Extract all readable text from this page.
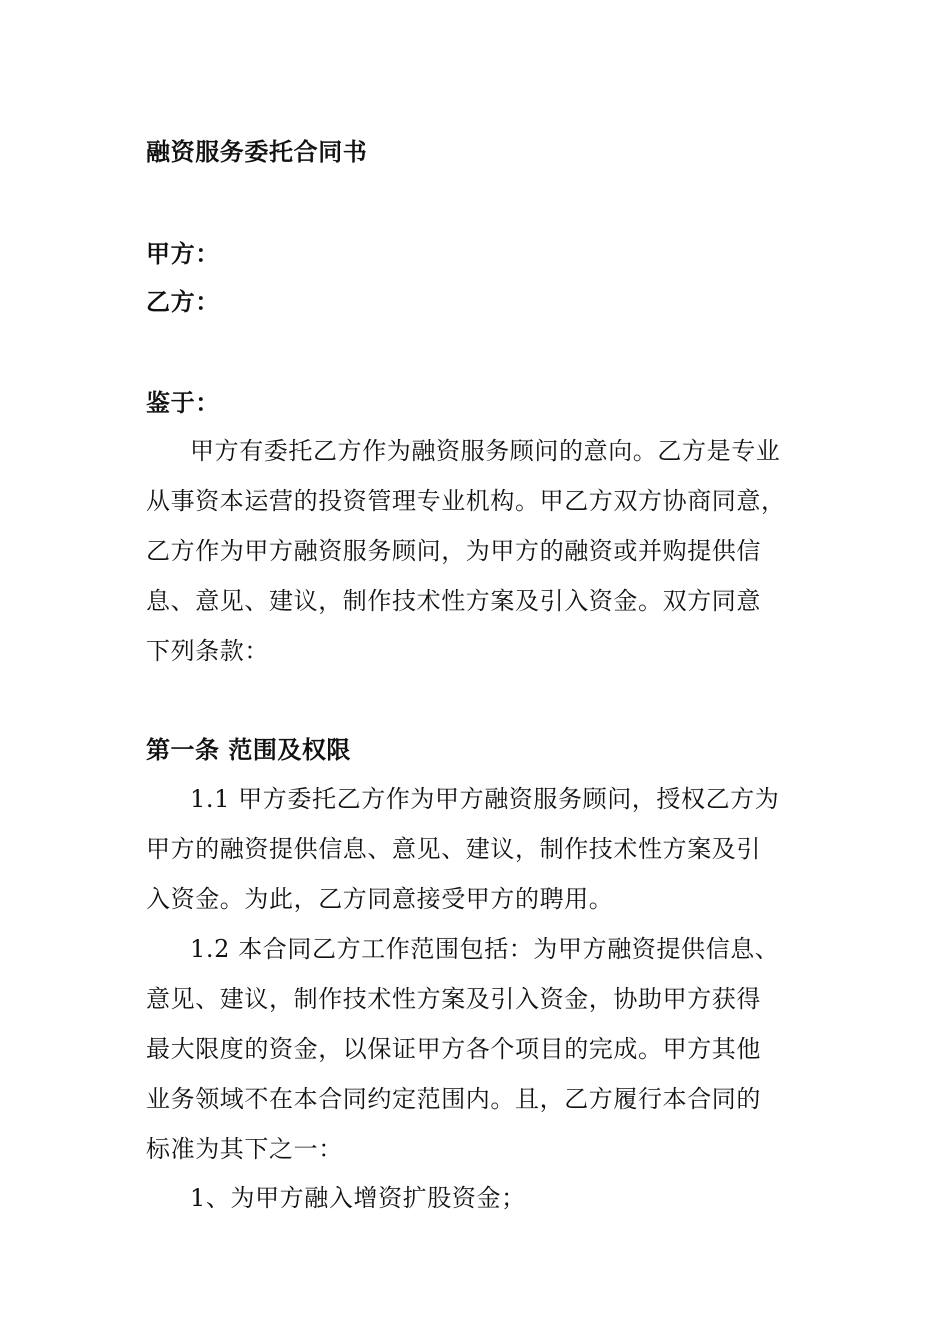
融资服务委托合同书
甲方：
乙方：
鉴于：
甲方有委托乙方作为融资服务顾问的意向。乙方是专业
从事资本运营的投资管理专业机构。甲乙方双方协商同意，
乙方作为甲方融资服务顾问，为甲方的融资或并购提供信
息、意见、建议，制作技术性方案及引入资金。双方同意
下列条款：
第一条 范围及权限
1.1 甲方委托乙方作为甲方融资服务顾问，授权乙方为
甲方的融资提供信息、意见、建议，制作技术性方案及引
入资金。为此，乙方同意接受甲方的聘用。
1.2 本合同乙方工作范围包括：为甲方融资提供信息、
意见、建议，制作技术性方案及引入资金，协助甲方获得
最大限度的资金，以保证甲方各个项目的完成。甲方其他
业务领域不在本合同约定范围内。且，乙方履行本合同的
标准为其下之一：
1、为甲方融入增资扩股资金；
